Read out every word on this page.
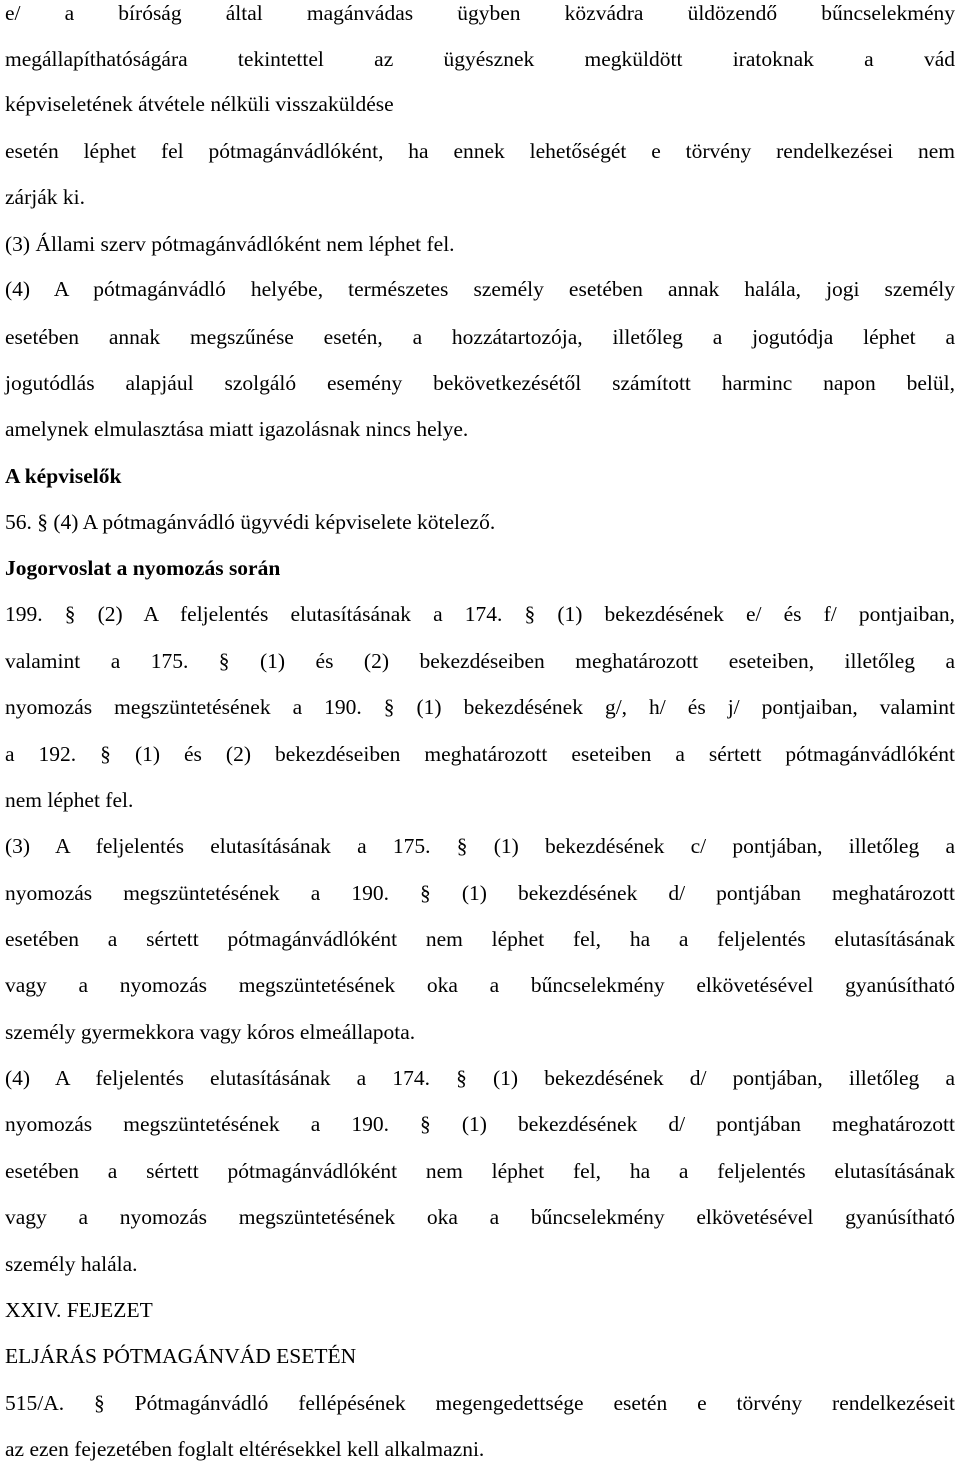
e/ a bíróság által magánvádas ügyben közvádra üldözendő bűncselekmény
megállapíthatóságára tekintettel az ügyésznek megküldött iratoknak a vád
képviseletének átvétele nélküli visszaküldése
esetén léphet fel pótmagánvádlóként, ha ennek lehetőségét e törvény rendelkezései nem
zárják ki.
(3) Állami szerv pótmagánvádlóként nem léphet fel.
(4) A pótmagánvádló helyébe, természetes személy esetében annak halála, jogi személy
esetében annak megszűnése esetén, a hozzátartozója, illetőleg a jogutódja léphet a
jogutódlás alapjául szolgáló esemény bekövetkezésétől számított harminc napon belül,
amelynek elmulasztása miatt igazolásnak nincs helye.
A képviselők
56. § (4) A pótmagánvádló ügyvédi képviselete kötelező.
Jogorvoslat a nyomozás során
199. § (2) A feljelentés elutasításának a 174. § (1) bekezdésének e/ és f/ pontjaiban,
valamint a 175. § (1) és (2) bekezdéseiben meghatározott eseteiben, illetőleg a
nyomozás megszüntetésének a 190. § (1) bekezdésének g/, h/ és j/ pontjaiban, valamint
a 192. § (1) és (2) bekezdéseiben meghatározott eseteiben a sértett pótmagánvádlóként
nem léphet fel.
(3) A feljelentés elutasításának a 175. § (1) bekezdésének c/ pontjában, illetőleg a
nyomozás megszüntetésének a 190. § (1) bekezdésének d/ pontjában meghatározott
esetében a sértett pótmagánvádlóként nem léphet fel, ha a feljelentés elutasításának
vagy a nyomozás megszüntetésének oka a bűncselekmény elkövetésével gyanúsítható
személy gyermekkora vagy kóros elmeállapota.
(4) A feljelentés elutasításának a 174. § (1) bekezdésének d/ pontjában, illetőleg a
nyomozás megszüntetésének a 190. § (1) bekezdésének d/ pontjában meghatározott
esetében a sértett pótmagánvádlóként nem léphet fel, ha a feljelentés elutasításának
vagy a nyomozás megszüntetésének oka a bűncselekmény elkövetésével gyanúsítható
személy halála.
XXIV. FEJEZET
ELJÁRÁS PÓTMAGÁNVÁD ESETÉN
515/A. § Pótmagánvádló fellépésének megengedettsége esetén e törvény rendelkezéseit
az ezen fejezetében foglalt eltérésekkel kell alkalmazni.
